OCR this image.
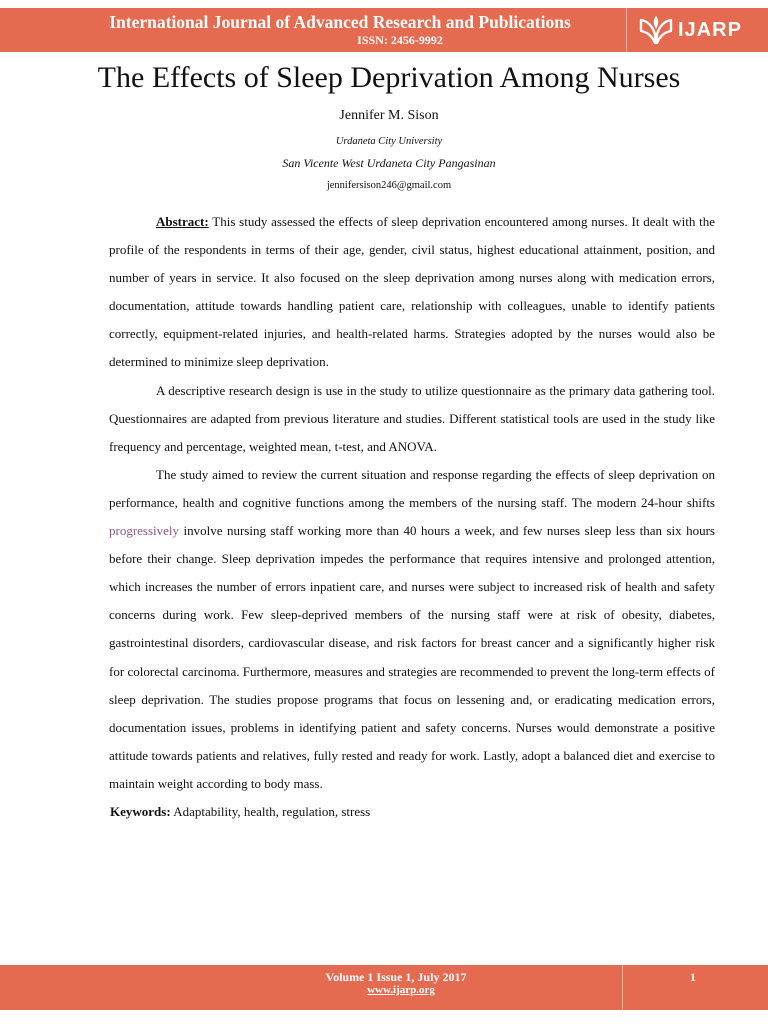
International Journal of Advanced Research and Publications
ISSN: 2456-9992	IJARP
The Effects of Sleep Deprivation Among Nurses
Jennifer M. Sison
Urdaneta City University
San Vicente West Urdaneta City Pangasinan
jennifersison246@gmail.com

Abstract: This study assessed the effects of sleep deprivation encountered among nurses. It dealt with the profile of the respondents in terms of their age, gender, civil status, highest educational attainment, position, and number of years in service. It also focused on the sleep deprivation among nurses along with medication errors, documentation, attitude towards handling patient care, relationship with colleagues, unable to identify patients correctly, equipment-related injuries, and health-related harms. Strategies adopted by the nurses would also be determined to minimize sleep deprivation.

A descriptive research design is use in the study to utilize questionnaire as the primary data gathering tool. Questionnaires are adapted from previous literature and studies. Different statistical tools are used in the study like frequency and percentage, weighted mean, t-test, and ANOVA.

The study aimed to review the current situation and response regarding the effects of sleep deprivation on performance, health and cognitive functions among the members of the nursing staff. The modern 24-hour shifts progressively involve nursing staff working more than 40 hours a week, and few nurses sleep less than six hours before their change. Sleep deprivation impedes the performance that requires intensive and prolonged attention, which increases the number of errors inpatient care, and nurses were subject to increased risk of health and safety concerns during work. Few sleep-deprived members of the nursing staff were at risk of obesity, diabetes, gastrointestinal disorders, cardiovascular disease, and risk factors for breast cancer and a significantly higher risk for colorectal carcinoma. Furthermore, measures and strategies are recommended to prevent the long-term effects of sleep deprivation. The studies propose programs that focus on lessening and, or eradicating medication errors, documentation issues, problems in identifying patient and safety concerns. Nurses would demonstrate a positive attitude towards patients and relatives, fully rested and ready for work. Lastly, adopt a balanced diet and exercise to maintain weight according to body mass.

Keywords: Adaptability, health, regulation, stress

Volume 1 Issue 1, July 2017
www.ijarp.org
1
